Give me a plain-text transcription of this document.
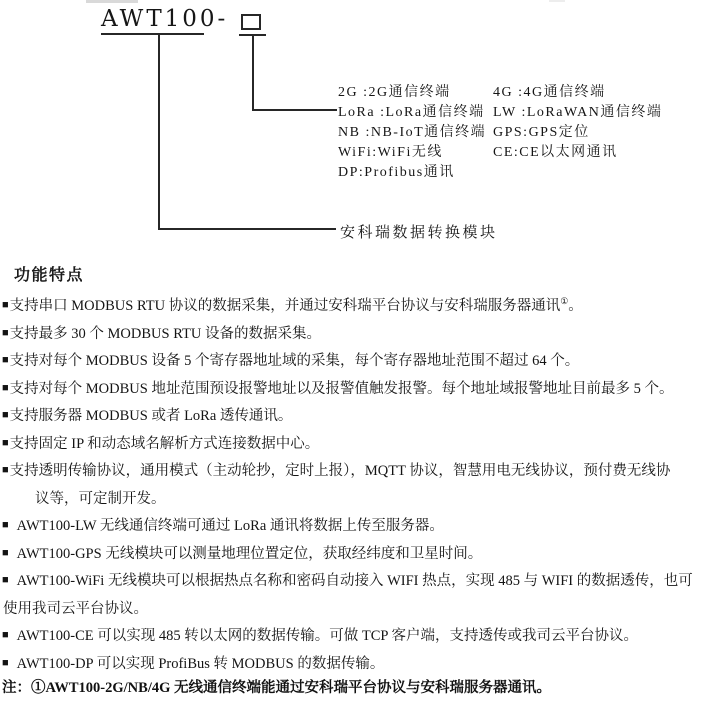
AWT100-
安科瑞数据转换模块
2G :2G通信终端
LoRa :LoRa通信终端
NB :NB-IoT通信终端
WiFi:WiFi无线
DP:Profibus通讯
4G :4G通信终端
LW :LoRaWAN通信终端
GPS:GPS定位
CE:CE以太网通讯
功能特点
■支持串口 MODBUS RTU 协议的数据采集，并通过安科瑞平台协议与安科瑞服务器通讯①。
■支持最多 30 个 MODBUS RTU 设备的数据采集。
■支持对每个 MODBUS 设备 5 个寄存器地址域的采集，每个寄存器地址范围不超过 64 个。
■支持对每个 MODBUS 地址范围预设报警地址以及报警值触发报警。每个地址域报警地址目前最多 5 个。
■支持服务器 MODBUS 或者 LoRa 透传通讯。
■支持固定 IP 和动态域名解析方式连接数据中心。
■支持透明传输协议，通用模式（主动轮抄，定时上报），MQTT 协议，智慧用电无线协议，预付费无线协
议等，可定制开发。
■ AWT100-LW 无线通信终端可通过 LoRa 通讯将数据上传至服务器。
■ AWT100-GPS 无线模块可以测量地理位置定位，获取经纬度和卫星时间。
■ AWT100-WiFi 无线模块可以根据热点名称和密码自动接入 WIFI 热点，实现 485 与 WIFI 的数据透传，也可
使用我司云平台协议。
■ AWT100-CE 可以实现 485 转以太网的数据传输。可做 TCP 客户端，支持透传或我司云平台协议。
■ AWT100-DP 可以实现 ProfiBus 转 MODBUS 的数据传输。
注：①AWT100-2G/NB/4G 无线通信终端能通过安科瑞平台协议与安科瑞服务器通讯。
